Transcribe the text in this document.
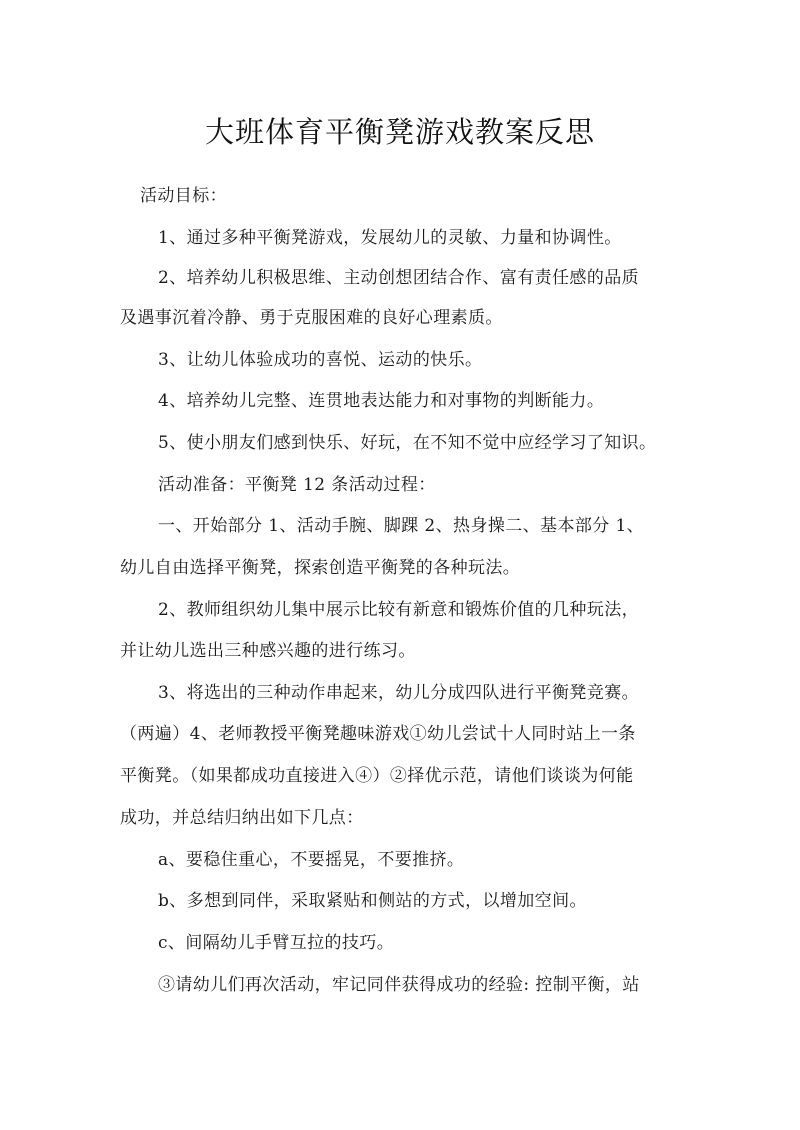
大班体育平衡凳游戏教案反思
活动目标：
1、通过多种平衡凳游戏，发展幼儿的灵敏、力量和协调性。
2、培养幼儿积极思维、主动创想团结合作、富有责任感的品质
及遇事沉着冷静、勇于克服困难的良好心理素质。
3、让幼儿体验成功的喜悦、运动的快乐。
4、培养幼儿完整、连贯地表达能力和对事物的判断能力。
5、使小朋友们感到快乐、好玩，在不知不觉中应经学习了知识。
活动准备：平衡凳 12 条活动过程：
一、开始部分 1、活动手腕、脚踝 2、热身操二、基本部分 1、
幼儿自由选择平衡凳，探索创造平衡凳的各种玩法。
2、教师组织幼儿集中展示比较有新意和锻炼价值的几种玩法，
并让幼儿选出三种感兴趣的进行练习。
3、将选出的三种动作串起来，幼儿分成四队进行平衡凳竞赛。
（两遍）4、老师教授平衡凳趣味游戏①幼儿尝试十人同时站上一条
平衡凳。（如果都成功直接进入④）②择优示范，请他们谈谈为何能
成功，并总结归纳出如下几点：
a、要稳住重心，不要摇晃，不要推挤。
b、多想到同伴，采取紧贴和侧站的方式，以增加空间。
c、间隔幼儿手臂互拉的技巧。
③请幼儿们再次活动，牢记同伴获得成功的经验: 控制平衡，站
